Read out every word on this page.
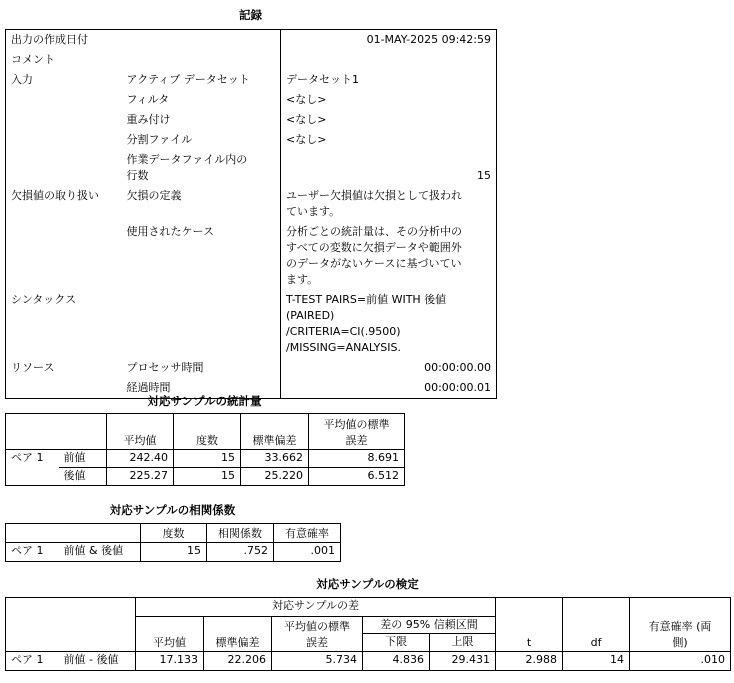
記録
出力の作成日付		01-MAY-2025 09:42:59
コメント		
入力	アクティブ データセット	データセット1
	フィルタ	<なし>
	重み付け	<なし>
	分割ファイル	<なし>
	作業データファイル内の
行数	15
欠損値の取り扱い	欠損の定義	ユーザー欠損値は欠損として扱われ
ています。
	使用されたケース	分析ごとの統計量は、その分析中の
すべての変数に欠損データや範囲外
のデータがないケースに基づいてい
ます。
シンタックス		T-TEST PAIRS=前値 WITH 後値
(PAIRED)
/CRITERIA=CI(.9500)
/MISSING=ANALYSIS.
リソース	プロセッサ時間	00:00:00.00
	経過時間	00:00:00.01
対応サンプルの統計量
		平均値	度数	標準偏差	平均値の標準
誤差
ペア 1	前値	242.40	15	33.662	8.691
	後値	225.27	15	25.220	6.512
対応サンプルの相関係数
		度数	相関係数	有意確率
ペア 1	前値 & 後値	15	.752	.001
対応サンプルの検定
		対応サンプルの差					t	df	有意確率 (両
側)
		平均値	標準偏差	平均値の標準
誤差	差の 95% 信頼区間				
					下限	上限			
ペア 1	前値 - 後値	17.133	22.206	5.734	4.836	29.431	2.988	14	.010
